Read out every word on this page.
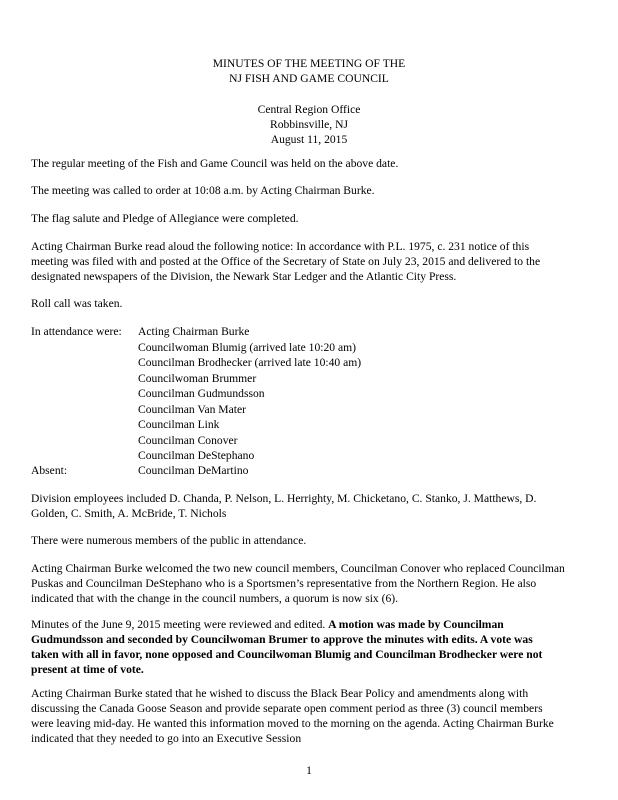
MINUTES OF THE MEETING OF THE
NJ FISH AND GAME COUNCIL
Central Region Office
Robbinsville, NJ
August 11, 2015
The regular meeting of the Fish and Game Council was held on the above date.
The meeting was called to order at 10:08 a.m. by Acting Chairman Burke.
The flag salute and Pledge of Allegiance were completed.
Acting Chairman Burke read aloud the following notice: In accordance with P.L. 1975, c. 231 notice of this
meeting was filed with and posted at the Office of the Secretary of State on July 23, 2015 and delivered to the
designated newspapers of the Division, the Newark Star Ledger and the Atlantic City Press.
Roll call was taken.
In attendance were: Acting Chairman Burke
Councilwoman Blumig (arrived late 10:20 am)
Councilman Brodhecker (arrived late 10:40 am)
Councilwoman Brummer
Councilman Gudmundsson
Councilman Van Mater
Councilman Link
Councilman Conover
Councilman DeStephano
Absent:	Councilman DeMartino
Division employees included D. Chanda, P. Nelson, L. Herrighty, M. Chicketano, C. Stanko, J. Matthews, D.
Golden, C. Smith, A. McBride, T. Nichols
There were numerous members of the public in attendance.
Acting Chairman Burke welcomed the two new council members, Councilman Conover who replaced Councilman
Puskas and Councilman DeStephano who is a Sportsmen’s representative from the Northern Region. He also
indicated that with the change in the council numbers, a quorum is now six (6).
Minutes of the June 9, 2015 meeting were reviewed and edited. A motion was made by Councilman
Gudmundsson and seconded by Councilwoman Brumer to approve the minutes with edits. A vote was
taken with all in favor, none opposed and Councilwoman Blumig and Councilman Brodhecker were not
present at time of vote.
Acting Chairman Burke stated that he wished to discuss the Black Bear Policy and amendments along with
discussing the Canada Goose Season and provide separate open comment period as three (3) council members
were leaving mid-day. He wanted this information moved to the morning on the agenda. Acting Chairman Burke
indicated that they needed to go into an Executive Session
1
